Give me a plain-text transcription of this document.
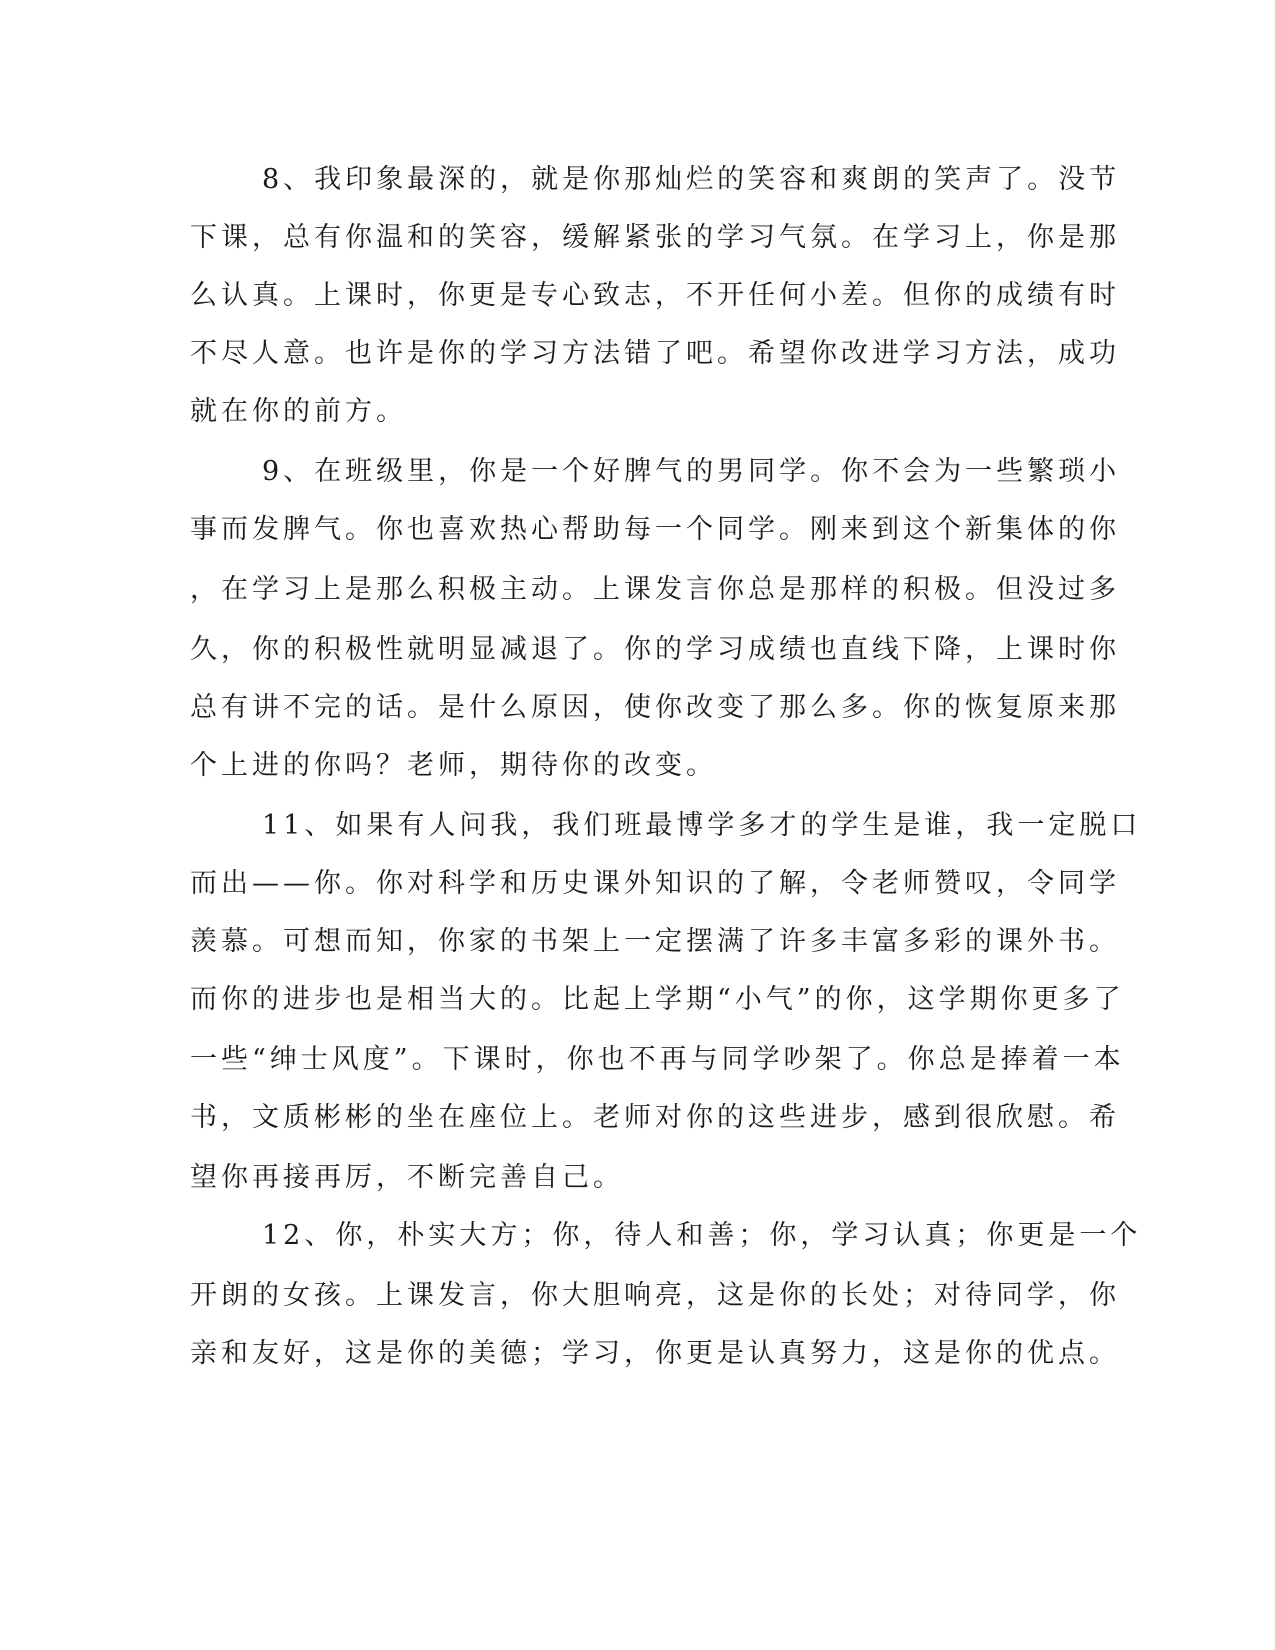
8、我印象最深的，就是你那灿烂的笑容和爽朗的笑声了。没节
下课，总有你温和的笑容，缓解紧张的学习气氛。在学习上，你是那
么认真。上课时，你更是专心致志，不开任何小差。但你的成绩有时
不尽人意。也许是你的学习方法错了吧。希望你改进学习方法，成功
就在你的前方。
9、在班级里，你是一个好脾气的男同学。你不会为一些繁琐小
事而发脾气。你也喜欢热心帮助每一个同学。刚来到这个新集体的你
，在学习上是那么积极主动。上课发言你总是那样的积极。但没过多
久，你的积极性就明显减退了。你的学习成绩也直线下降，上课时你
总有讲不完的话。是什么原因，使你改变了那么多。你的恢复原来那
个上进的你吗？老师，期待你的改变。
11、如果有人问我，我们班最博学多才的学生是谁，我一定脱口
而出——你。你对科学和历史课外知识的了解，令老师赞叹，令同学
羡慕。可想而知，你家的书架上一定摆满了许多丰富多彩的课外书。
而你的进步也是相当大的。比起上学期“小气”的你，这学期你更多了
一些“绅士风度”。下课时，你也不再与同学吵架了。你总是捧着一本
书，文质彬彬的坐在座位上。老师对你的这些进步，感到很欣慰。希
望你再接再厉，不断完善自己。
12、你，朴实大方；你，待人和善；你，学习认真；你更是一个
开朗的女孩。上课发言，你大胆响亮，这是你的长处；对待同学，你
亲和友好，这是你的美德；学习，你更是认真努力，这是你的优点。
